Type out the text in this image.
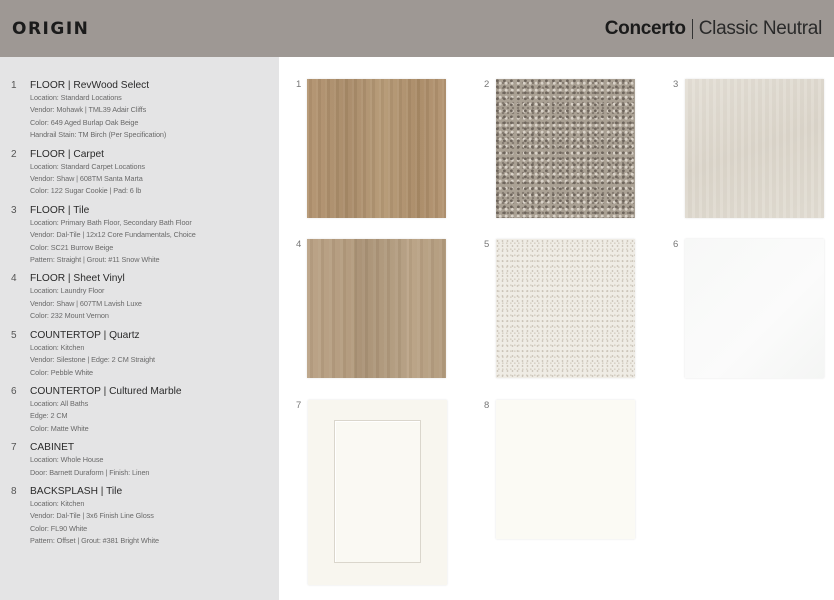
ORIGIN	Concerto Classic Neutral
1 FLOOR | RevWood Select
Location: Standard Locations
Vendor: Mohawk | TML39 Adair Cliffs
Color: 649 Aged Burlap Oak Beige
Handrail Stain: TM Birch (Per Specification)
2 FLOOR | Carpet
Location: Standard Carpet Locations
Vendor: Shaw | 608TM Santa Marta
Color: 122 Sugar Cookie | Pad: 6 lb
3 FLOOR | Tile
Location: Primary Bath Floor, Secondary Bath Floor
Vendor: Dal-Tile | 12x12 Core Fundamentals, Choice
Color: SC21 Burrow Beige
Pattern: Straight | Grout: #11 Snow White
4 FLOOR | Sheet Vinyl
Location: Laundry Floor
Vendor: Shaw | 607TM Lavish Luxe
Color: 232 Mount Vernon
5 COUNTERTOP | Quartz
Location: Kitchen
Vendor: Silestone | Edge: 2 CM Straight
Color: Pebble White
6 COUNTERTOP | Cultured Marble
Location: All Baths
Edge: 2 CM
Color: Matte White
7 CABINET
Location: Whole House
Door: Barnett Duraform | Finish: Linen
8 BACKSPLASH | Tile
Location: Kitchen
Vendor: Dal-Tile | 3x6 Finish Line Gloss
Color: FL90 White
Pattern: Offset | Grout: #381 Bright White
1	2	3
4	5	6
7	8
